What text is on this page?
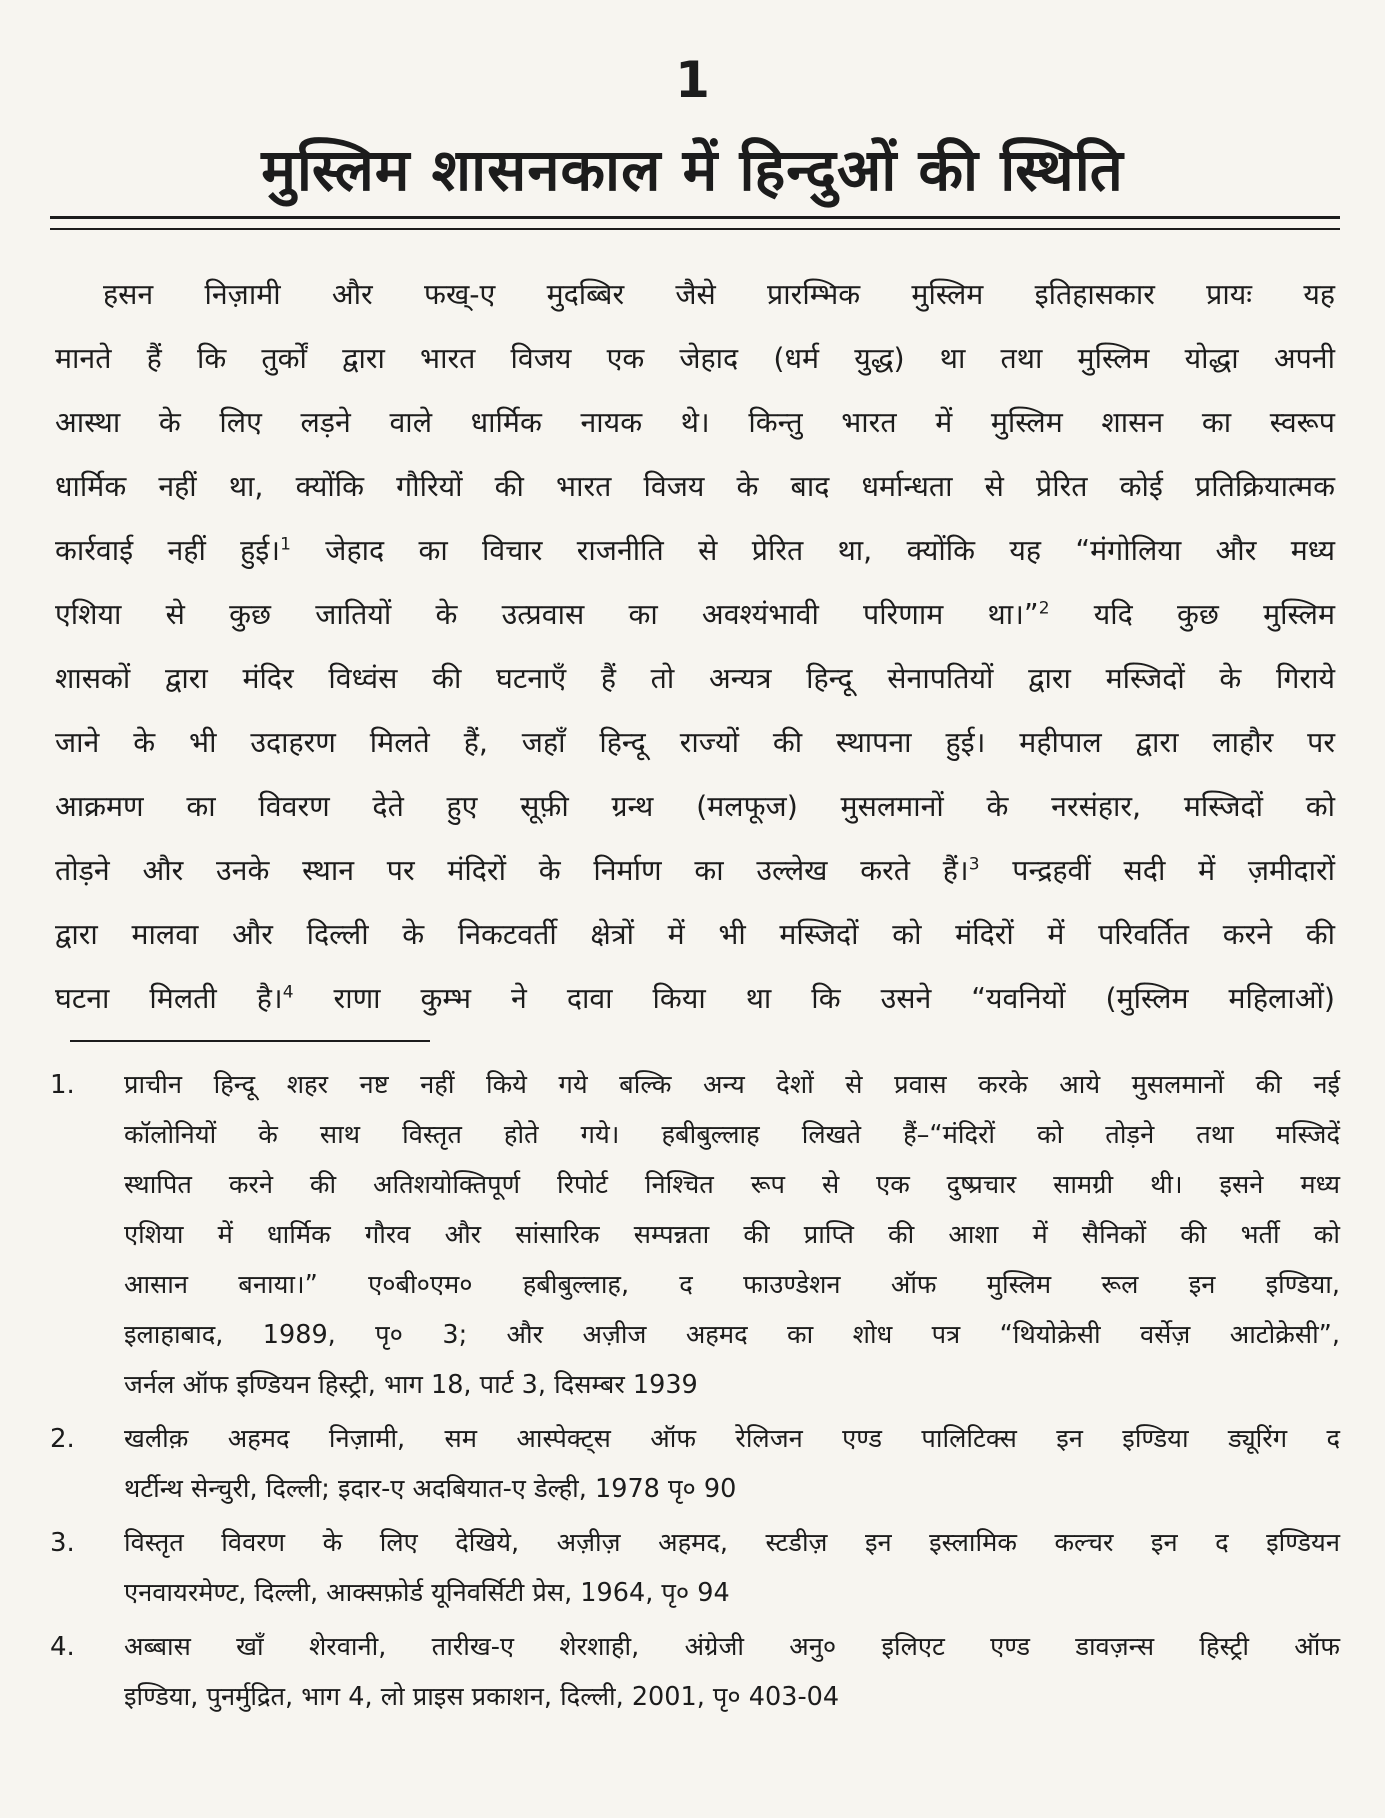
1
मुस्लिम शासनकाल में हिन्दुओं की स्थिति
हसन निज़ामी और फख्-ए मुदब्बिर जैसे प्रारम्भिक मुस्लिम इतिहासकार प्रायः यह
मानते हैं कि तुर्कों द्वारा भारत विजय एक जेहाद (धर्म युद्ध) था तथा मुस्लिम योद्धा अपनी
आस्था के लिए लड़ने वाले धार्मिक नायक थे। किन्तु भारत में मुस्लिम शासन का स्वरूप
धार्मिक नहीं था, क्योंकि गौरियों की भारत विजय के बाद धर्मान्धता से प्रेरित कोई प्रतिक्रियात्मक
कार्रवाई नहीं हुई।$^1$ जेहाद का विचार राजनीति से प्रेरित था, क्योंकि यह “मंगोलिया और मध्य
एशिया से कुछ जातियों के उत्प्रवास का अवश्यंभावी परिणाम था।”$^2$ यदि कुछ मुस्लिम
शासकों द्वारा मंदिर विध्वंस की घटनाएँ हैं तो अन्यत्र हिन्दू सेनापतियों द्वारा मस्जिदों के गिराये
जाने के भी उदाहरण मिलते हैं, जहाँ हिन्दू राज्यों की स्थापना हुई। महीपाल द्वारा लाहौर पर
आक्रमण का विवरण देते हुए सूफ़ी ग्रन्थ (मलफूज) मुसलमानों के नरसंहार, मस्जिदों को
तोड़ने और उनके स्थान पर मंदिरों के निर्माण का उल्लेख करते हैं।$^3$ पन्द्रहवीं सदी में ज़मीदारों
द्वारा मालवा और दिल्ली के निकटवर्ती क्षेत्रों में भी मस्जिदों को मंदिरों में परिवर्तित करने की
घटना मिलती है।$^4$ राणा कुम्भ ने दावा किया था कि उसने “यवनियों (मुस्लिम महिलाओं)
1. प्राचीन हिन्दू शहर नष्ट नहीं किये गये बल्कि अन्य देशों से प्रवास करके आये मुसलमानों की नई
कॉलोनियों के साथ विस्तृत होते गये। हबीबुल्लाह लिखते हैं–“मंदिरों को तोड़ने तथा मस्जिदें
स्थापित करने की अतिशयोक्तिपूर्ण रिपोर्ट निश्चित रूप से एक दुष्प्रचार सामग्री थी। इसने मध्य
एशिया में धार्मिक गौरव और सांसारिक सम्पन्नता की प्राप्ति की आशा में सैनिकों की भर्ती को
आसान बनाया।” ए०बी०एम० हबीबुल्लाह, द फाउण्डेशन ऑफ मुस्लिम रूल इन इण्डिया,
इलाहाबाद, 1989, पृ० 3; और अज़ीज अहमद का शोध पत्र “थियोक्रेसी वर्सेज़ आटोक्रेसी”,
जर्नल ऑफ इण्डियन हिस्ट्री, भाग 18, पार्ट 3, दिसम्बर 1939
2. खलीक़ अहमद निज़ामी, सम आस्पेक्ट्स ऑफ रेलिजन एण्ड पालिटिक्स इन इण्डिया ड्यूरिंग द
थर्टीन्थ सेन्चुरी, दिल्ली; इदार-ए अदबियात-ए डेल्ही, 1978 पृ० 90
3. विस्तृत विवरण के लिए देखिये, अज़ीज़ अहमद, स्टडीज़ इन इस्लामिक कल्चर इन द इण्डियन
एनवायरमेण्ट, दिल्ली, आक्सफ़ोर्ड यूनिवर्सिटी प्रेस, 1964, पृ० 94
4. अब्बास खाँ शेरवानी, तारीख-ए शेरशाही, अंग्रेजी अनु० इलिएट एण्ड डावज़न्स हिस्ट्री ऑफ
इण्डिया, पुनर्मुद्रित, भाग 4, लो प्राइस प्रकाशन, दिल्ली, 2001, पृ० 403-04
